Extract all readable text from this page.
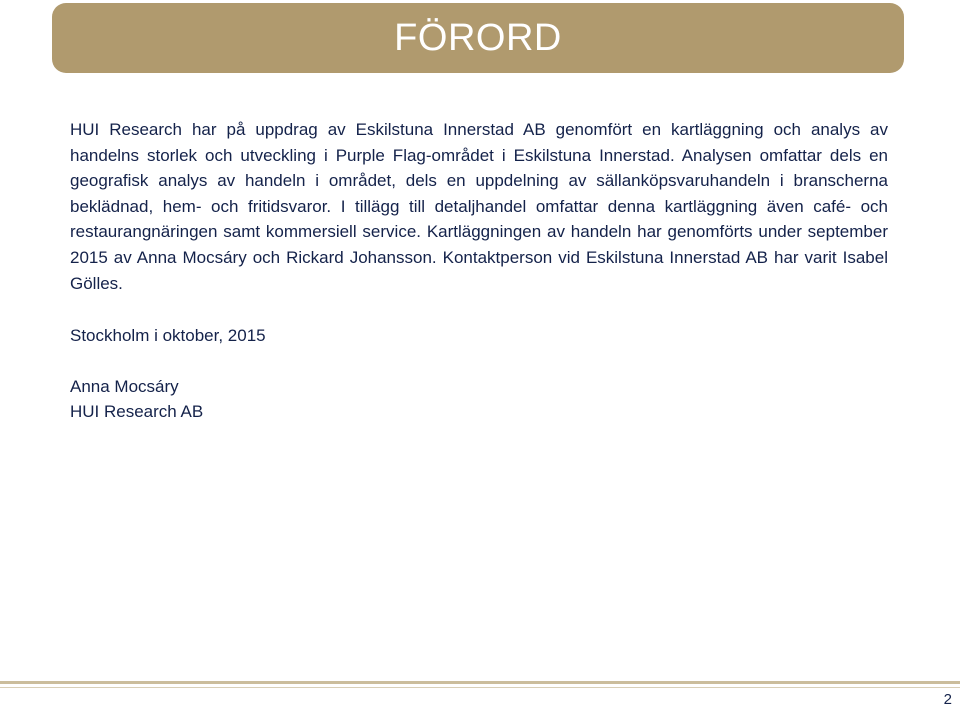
FÖRORD

HUI Research har på uppdrag av Eskilstuna Innerstad AB genomfört en kartläggning och analys av handelns storlek och utveckling i Purple Flag-området i Eskilstuna Innerstad. Analysen omfattar dels en geografisk analys av handeln i området, dels en uppdelning av sällanköpsvaruhandeln i branscherna beklädnad, hem- och fritidsvaror. I tillägg till detaljhandel omfattar denna kartläggning även café- och restaurangnäringen samt kommersiell service. Kartläggningen av handeln har genomförts under september 2015 av Anna Mocsáry och Rickard Johansson. Kontaktperson vid Eskilstuna Innerstad AB har varit Isabel Gölles.

Stockholm i oktober, 2015

Anna Mocsáry
HUI Research AB
2
